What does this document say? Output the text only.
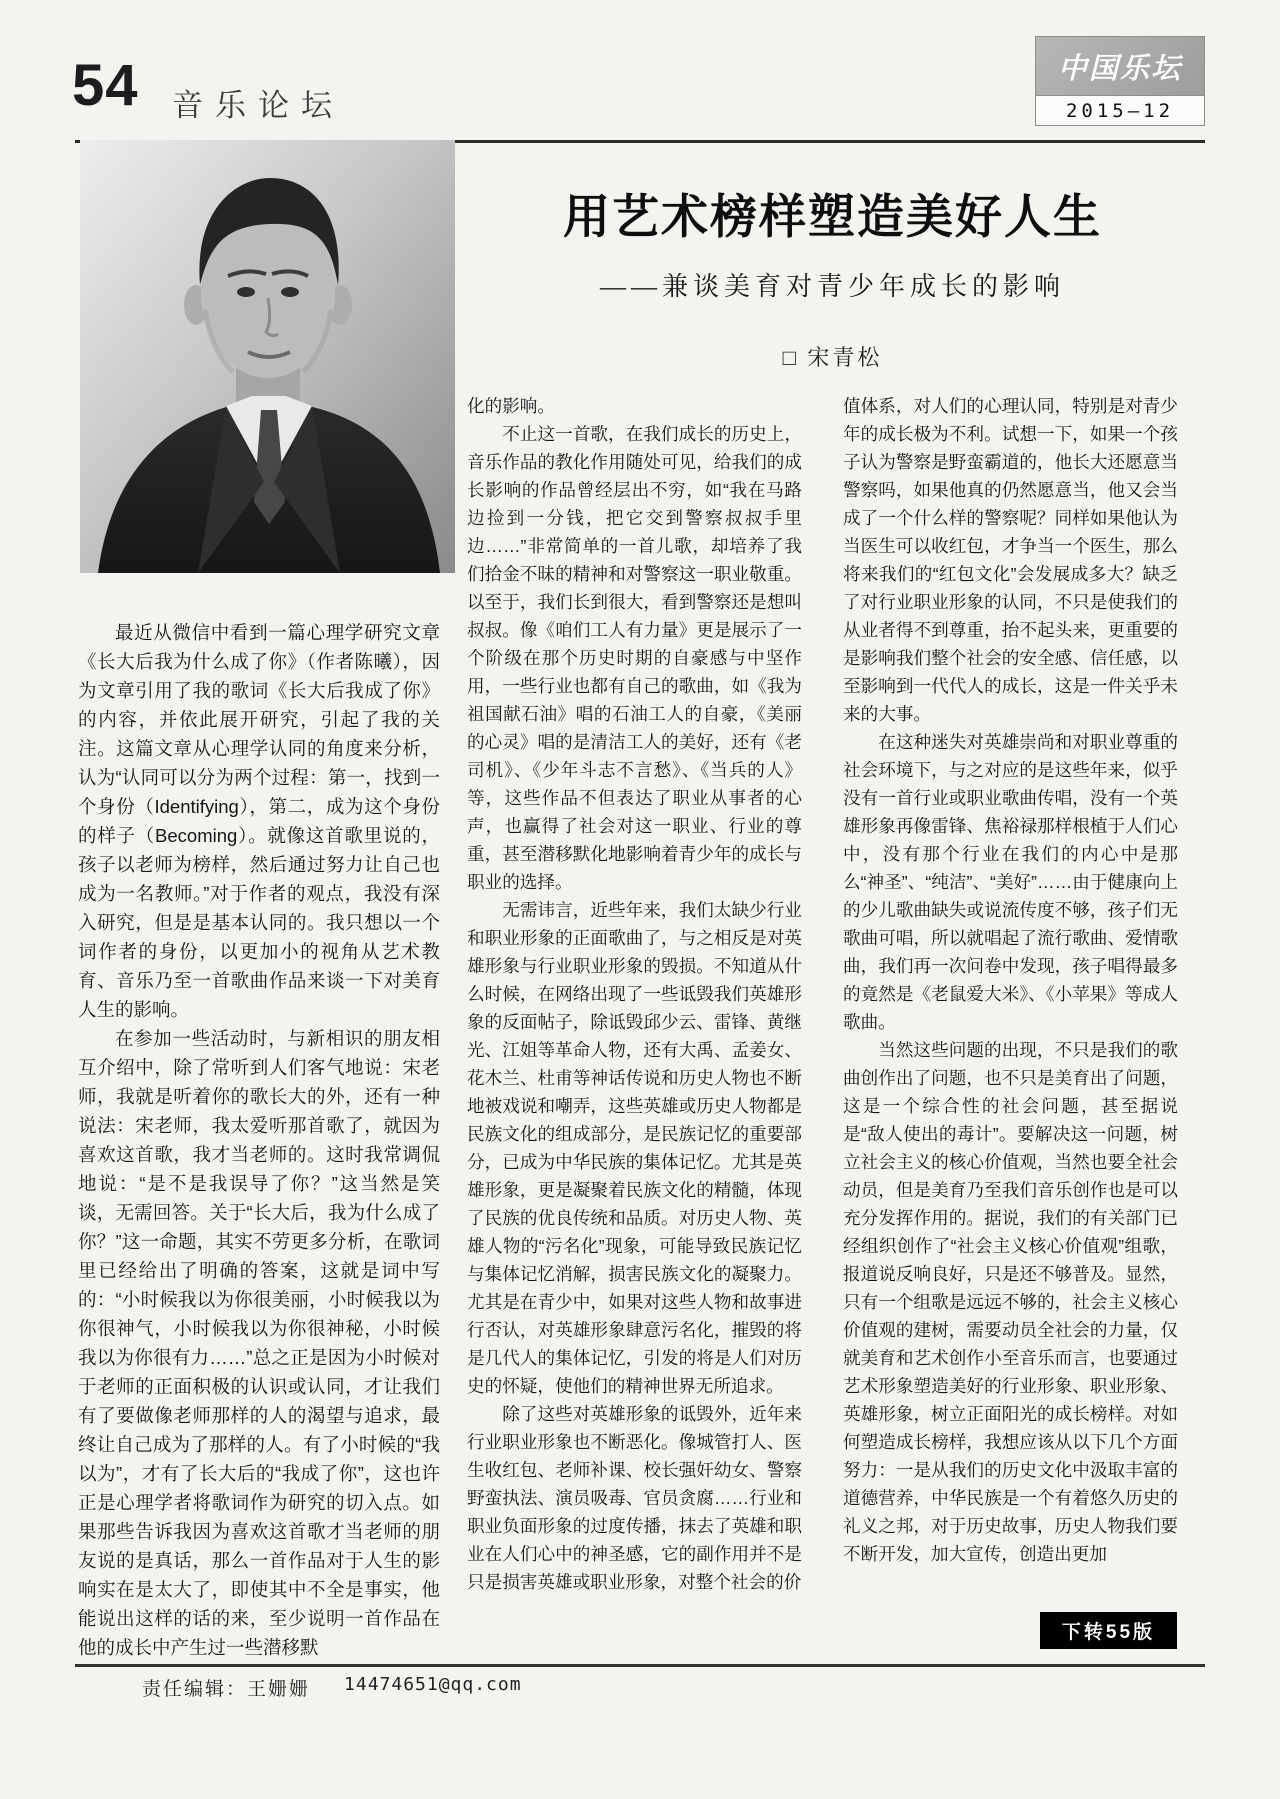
54 音乐论坛
中国乐坛
2015—12
用艺术榜样塑造美好人生
——兼谈美育对青少年成长的影响
□ 宋青松

最近从微信中看到一篇心理学研究文章《长大后我为什么成了你》（作者陈曦），因为文章引用了我的歌词《长大后我成了你》的内容，并依此展开研究，引起了我的关注。这篇文章从心理学认同的角度来分析，认为“认同可以分为两个过程：第一，找到一个身份（Identifying），第二，成为这个身份的样子（Becoming）。就像这首歌里说的，孩子以老师为榜样，然后通过努力让自己也成为一名教师。”对于作者的观点，我没有深入研究，但是是基本认同的。我只想以一个词作者的身份，以更加小的视角从艺术教育、音乐乃至一首歌曲作品来谈一下对美育人生的影响。

在参加一些活动时，与新相识的朋友相互介绍中，除了常听到人们客气地说：宋老师，我就是听着你的歌长大的外，还有一种说法：宋老师，我太爱听那首歌了，就因为喜欢这首歌，我才当老师的。这时我常调侃地说：“是不是我误导了你？”这当然是笑谈，无需回答。关于“长大后，我为什么成了你？”这一命题，其实不劳更多分析，在歌词里已经给出了明确的答案，这就是词中写的：“小时候我以为你很美丽，小时候我以为你很神气，小时候我以为你很神秘，小时候我以为你很有力……”总之正是因为小时候对于老师的正面积极的认识或认同，才让我们有了要做像老师那样的人的渴望与追求，最终让自己成为了那样的人。有了小时候的“我以为”，才有了长大后的“我成了你”，这也许正是心理学者将歌词作为研究的切入点。如果那些告诉我因为喜欢这首歌才当老师的朋友说的是真话，那么一首作品对于人生的影响实在是太大了，即使其中不全是事实，他能说出这样的话的来，至少说明一首作品在他的成长中产生过一些潜移默

化的影响。

不止这一首歌，在我们成长的历史上，音乐作品的教化作用随处可见，给我们的成长影响的作品曾经层出不穷，如“我在马路边捡到一分钱，把它交到警察叔叔手里边……”非常简单的一首儿歌，却培养了我们拾金不昧的精神和对警察这一职业敬重。以至于，我们长到很大，看到警察还是想叫叔叔。像《咱们工人有力量》更是展示了一个阶级在那个历史时期的自豪感与中坚作用，一些行业也都有自己的歌曲，如《我为祖国献石油》唱的石油工人的自豪，《美丽的心灵》唱的是清洁工人的美好，还有《老司机》、《少年斗志不言愁》、《当兵的人》等，这些作品不但表达了职业从事者的心声，也赢得了社会对这一职业、行业的尊重，甚至潜移默化地影响着青少年的成长与职业的选择。

无需讳言，近些年来，我们太缺少行业和职业形象的正面歌曲了，与之相反是对英雄形象与行业职业形象的毁损。不知道从什么时候，在网络出现了一些诋毁我们英雄形象的反面帖子，除诋毁邱少云、雷锋、黄继光、江姐等革命人物，还有大禹、孟姜女、花木兰、杜甫等神话传说和历史人物也不断地被戏说和嘲弄，这些英雄或历史人物都是民族文化的组成部分，是民族记忆的重要部分，已成为中华民族的集体记忆。尤其是英雄形象，更是凝聚着民族文化的精髓，体现了民族的优良传统和品质。对历史人物、英雄人物的“污名化”现象，可能导致民族记忆与集体记忆消解，损害民族文化的凝聚力。尤其是在青少中，如果对这些人物和故事进行否认，对英雄形象肆意污名化，摧毁的将是几代人的集体记忆，引发的将是人们对历史的怀疑，使他们的精神世界无所追求。

除了这些对英雄形象的诋毁外，近年来行业职业形象也不断恶化。像城管打人、医生收红包、老师补课、校长强奸幼女、警察野蛮执法、演员吸毒、官员贪腐……行业和职业负面形象的过度传播，抹去了英雄和职业在人们心中的神圣感，它的副作用并不是只是损害英雄或职业形象，对整个社会的价

值体系，对人们的心理认同，特别是对青少年的成长极为不利。试想一下，如果一个孩子认为警察是野蛮霸道的，他长大还愿意当警察吗，如果他真的仍然愿意当，他又会当成了一个什么样的警察呢？同样如果他认为当医生可以收红包，才争当一个医生，那么将来我们的“红包文化”会发展成多大？缺乏了对行业职业形象的认同，不只是使我们的从业者得不到尊重，抬不起头来，更重要的是影响我们整个社会的安全感、信任感，以至影响到一代代人的成长，这是一件关乎未来的大事。

在这种迷失对英雄崇尚和对职业尊重的社会环境下，与之对应的是这些年来，似乎没有一首行业或职业歌曲传唱，没有一个英雄形象再像雷锋、焦裕禄那样根植于人们心中，没有那个行业在我们的内心中是那么“神圣”、“纯洁”、“美好”……由于健康向上的少儿歌曲缺失或说流传度不够，孩子们无歌曲可唱，所以就唱起了流行歌曲、爱情歌曲，我们再一次问卷中发现，孩子唱得最多的竟然是《老鼠爱大米》、《小苹果》等成人歌曲。

当然这些问题的出现，不只是我们的歌曲创作出了问题，也不只是美育出了问题，这是一个综合性的社会问题，甚至据说是“敌人使出的毒计”。要解决这一问题，树立社会主义的核心价值观，当然也要全社会动员，但是美育乃至我们音乐创作也是可以充分发挥作用的。据说，我们的有关部门已经组织创作了“社会主义核心价值观”组歌，报道说反响良好，只是还不够普及。显然，只有一个组歌是远远不够的，社会主义核心价值观的建树，需要动员全社会的力量，仅就美育和艺术创作小至音乐而言，也要通过艺术形象塑造美好的行业形象、职业形象、英雄形象，树立正面阳光的成长榜样。对如何塑造成长榜样，我想应该从以下几个方面努力：一是从我们的历史文化中汲取丰富的道德营养，中华民族是一个有着悠久历史的礼义之邦，对于历史故事，历史人物我们要不断开发，加大宣传，创造出更加

下转55版
责任编辑：王姗姗 14474651@qq.com
